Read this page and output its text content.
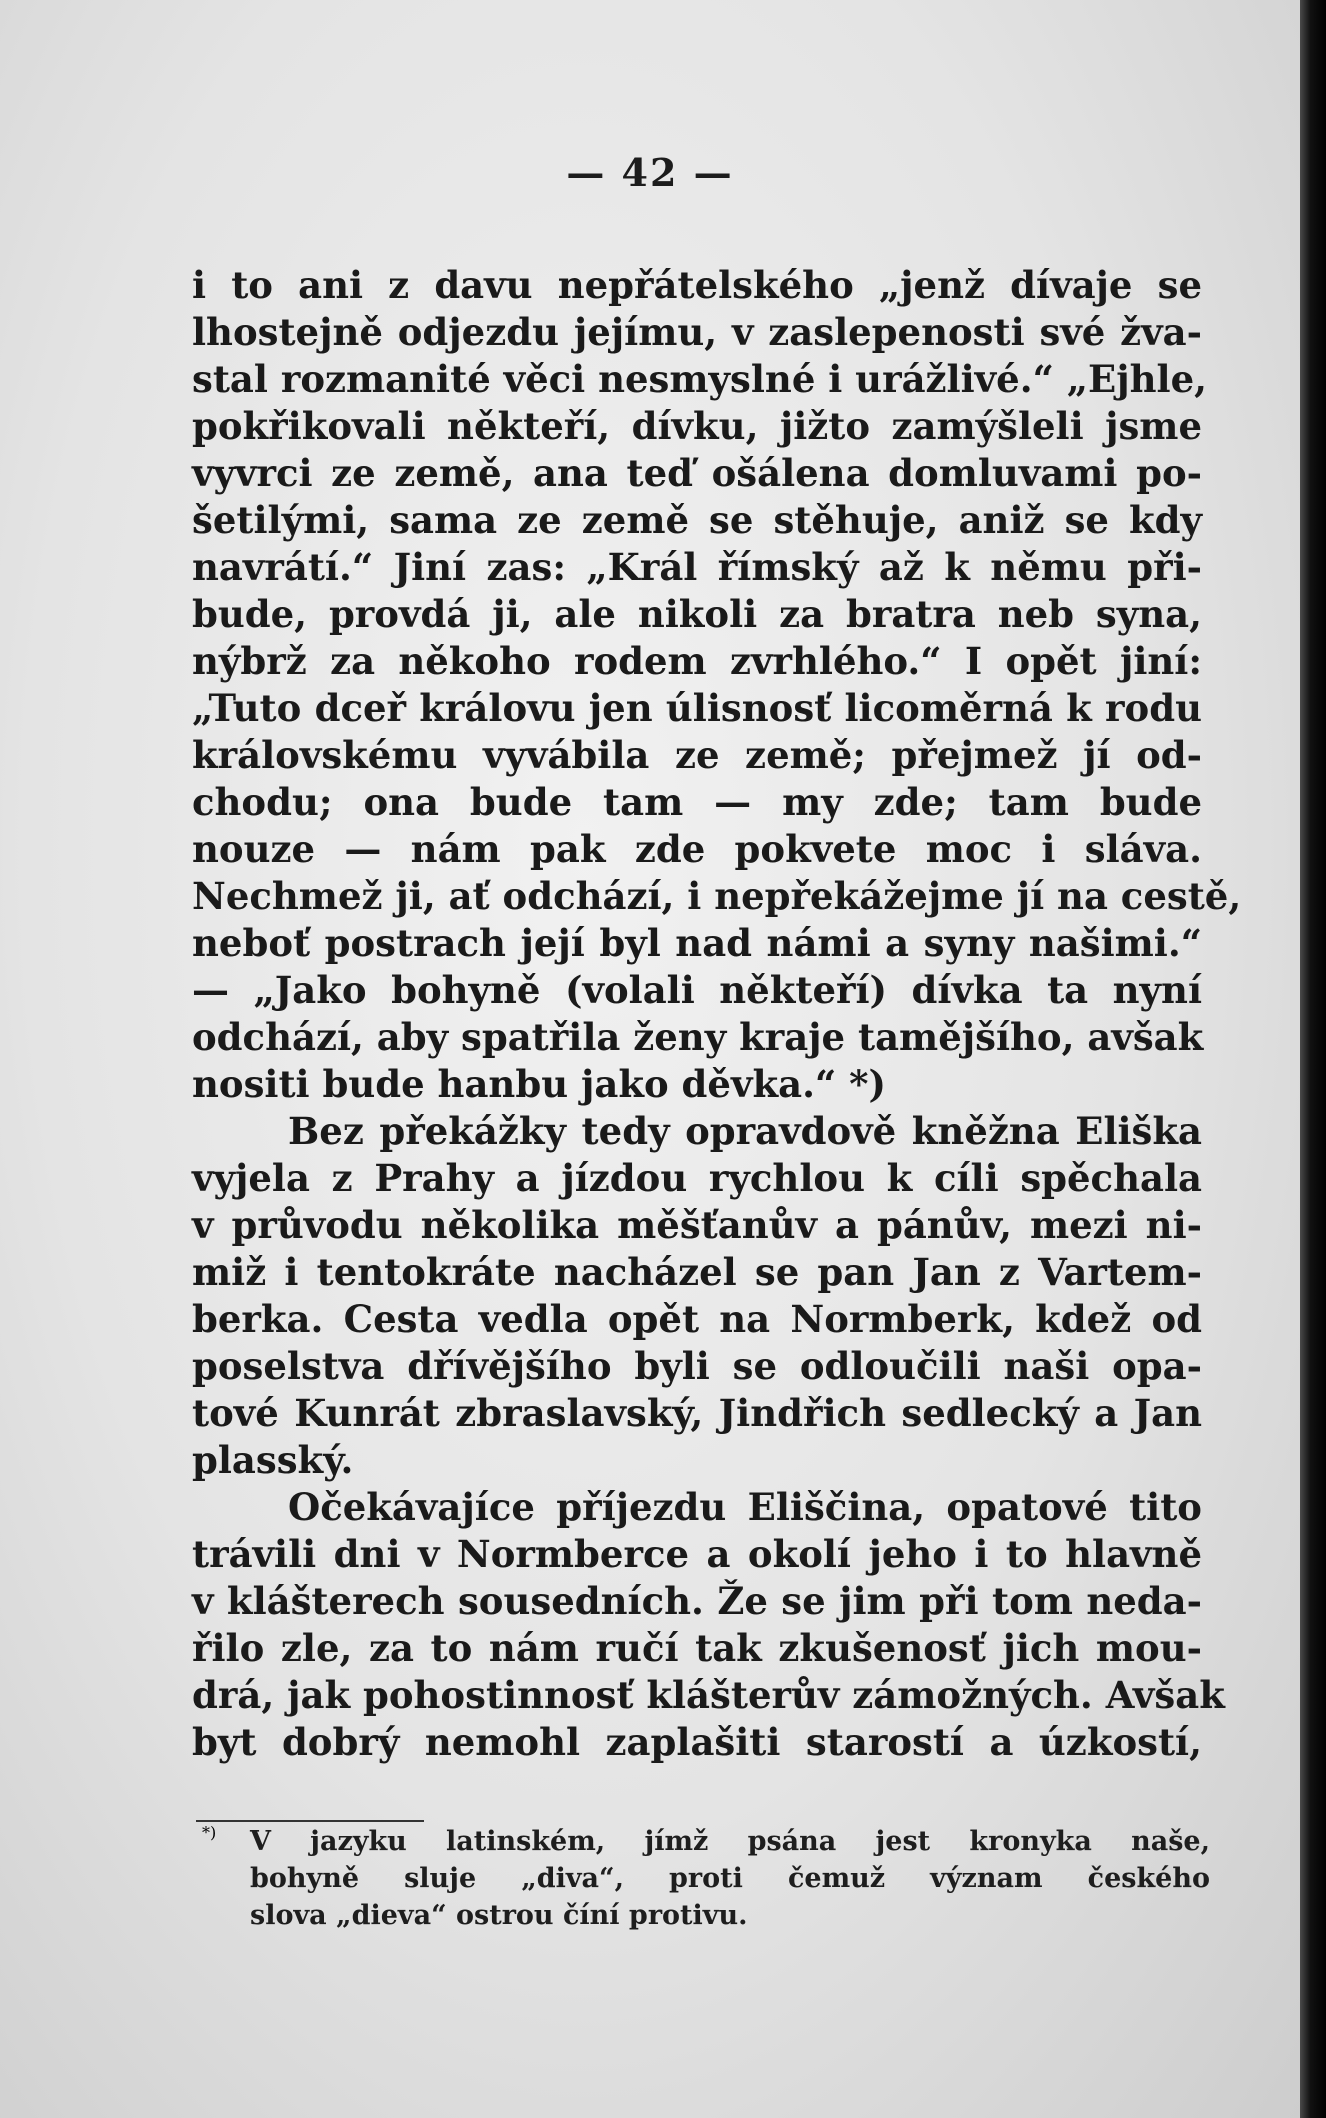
— 42 —
i to ani z davu nepřátelského „jenž dívaje se
lhostejně odjezdu jejímu, v zaslepenosti své žva-
stal rozmanité věci nesmyslné i urážlivé.“ „Ejhle,
pokřikovali někteří, dívku, jižto zamýšleli jsme
vyvrci ze země, ana teď ošálena domluvami po-
šetilými, sama ze země se stěhuje, aniž se kdy
navrátí.“ Jiní zas: „Král římský až k němu při-
bude, provdá ji, ale nikoli za bratra neb syna,
nýbrž za někoho rodem zvrhlého.“ I opět jiní:
„Tuto dceř královu jen úlisnosť licoměrná k rodu
královskému vyvábila ze země; přejmež jí od-
chodu; ona bude tam — my zde; tam bude
nouze — nám pak zde pokvete moc i sláva.
Nechmež ji, ať odchází, i nepřekážejme jí na cestě,
neboť postrach její byl nad námi a syny našimi.“
— „Jako bohyně (volali někteří) dívka ta nyní
odchází, aby spatřila ženy kraje tamějšího, avšak
nositi bude hanbu jako děvka.“ *)
Bez překážky tedy opravdově kněžna Eliška
vyjela z Prahy a jízdou rychlou k cíli spěchala
v průvodu několika měšťanův a pánův, mezi ni-
miž i tentokráte nacházel se pan Jan z Vartem-
berka. Cesta vedla opět na Normberk, kdež od
poselstva dřívějšího byli se odloučili naši opa-
tové Kunrát zbraslavský, Jindřich sedlecký a Jan
plasský.
Očekávajíce příjezdu Eliščina, opatové tito
trávili dni v Normberce a okolí jeho i to hlavně
v klášterech sousedních. Že se jim při tom neda-
řilo zle, za to nám ručí tak zkušenosť jich mou-
drá, jak pohostinnosť klášterův zámožných. Avšak
byt dobrý nemohl zaplašiti starostí a úzkostí,
*) V jazyku latinském, jímž psána jest kronyka naše,
bohyně sluje „diva“, proti čemuž význam českého
slova „dieva“ ostrou číní protivu.
